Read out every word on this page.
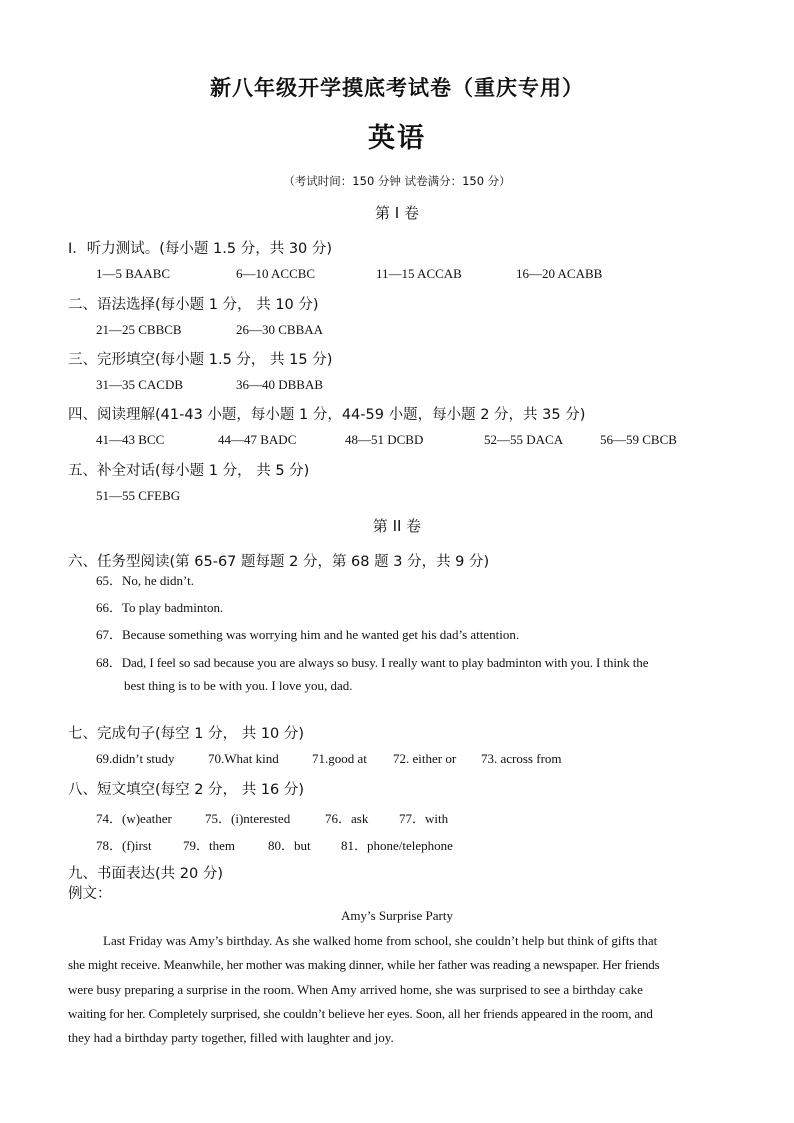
新八年级开学摸底考试卷（重庆专用）
英语
（考试时间：150 分钟 试卷满分：150 分）
第 I 卷
Ⅰ．听力测试。(每小题 1.5 分，共 30 分)
1—5 BAABC	6—10 ACCBC	11—15 ACCAB	16—20 ACABB
二、语法选择(每小题 1 分， 共 10 分)
21—25 CBBCB	26—30 CBBAA
三、完形填空(每小题 1.5 分， 共 15 分)
31—35 CACDB	36—40 DBBAB
四、阅读理解(41-43 小题，每小题 1 分，44-59 小题，每小题 2 分，共 35 分)
41—43 BCC	44—47 BADC	48—51 DCBD	52—55 DACA	56—59 CBCB
五、补全对话(每小题 1 分， 共 5 分)
51—55 CFEBG
第 II 卷
六、任务型阅读(第 65-67 题每题 2 分，第 68 题 3 分，共 9 分)
65．No, he didn’t.
66．To play badminton.
67．Because something was worrying him and he wanted get his dad’s attention.
68．Dad, I feel so sad because you are always so busy. I really want to play badminton with you. I think the
best thing is to be with you. I love you, dad.
七、完成句子(每空 1 分， 共 10 分)
69.didn’t study	70.What kind	71.good at 72. either or 73. across from
八、短文填空(每空 2 分， 共 16 分)
74．(w)eather	75．(i)nterested	76．ask 77．with
78．(f)irst 79．them	80．but 81．phone/telephone
九、书面表达(共 20 分)
例文：
Amy’s Surprise Party
Last Friday was Amy’s birthday. As she walked home from school, she couldn’t help but think of gifts that
she might receive. Meanwhile, her mother was making dinner, while her father was reading a newspaper. Her friends
were busy preparing a surprise in the room. When Amy arrived home, she was surprised to see a birthday cake
waiting for her. Completely surprised, she couldn’t believe her eyes. Soon, all her friends appeared in the room, and
they had a birthday party together, filled with laughter and joy.
